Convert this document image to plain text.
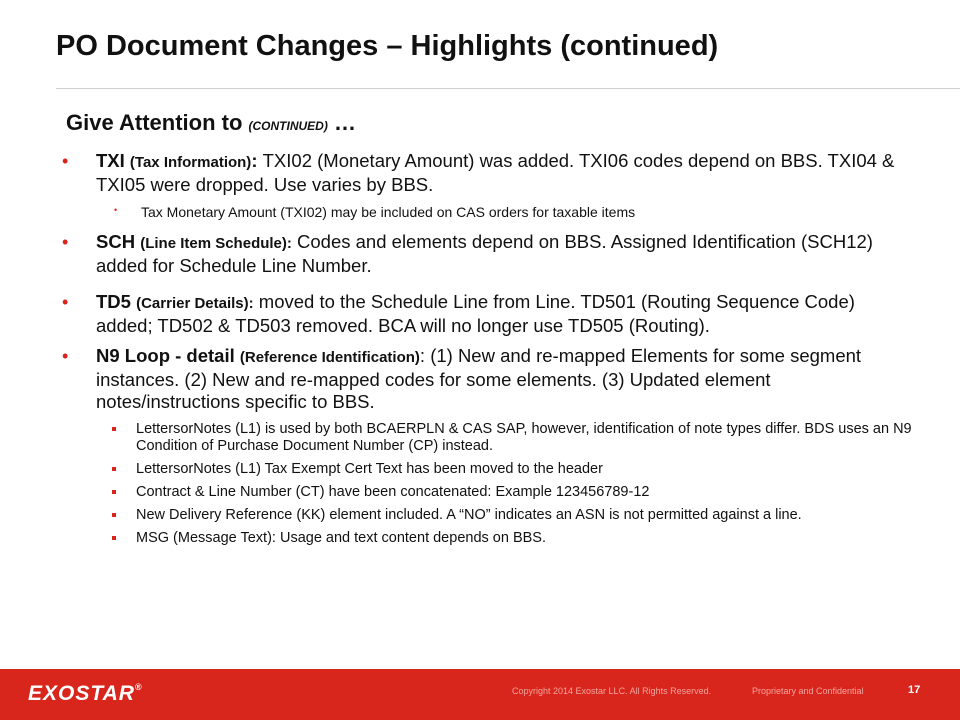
PO Document Changes – Highlights (continued)
Give Attention to (CONTINUED) …
• TXI (Tax Information): TXI02 (Monetary Amount) was added. TXI06 codes depend on BBS. TXI04 & TXI05 were dropped. Use varies by BBS.
• Tax Monetary Amount (TXI02) may be included on CAS orders for taxable items
• SCH (Line Item Schedule): Codes and elements depend on BBS. Assigned Identification (SCH12) added for Schedule Line Number.
• TD5 (Carrier Details): moved to the Schedule Line from Line. TD501 (Routing Sequence Code) added; TD502 & TD503 removed. BCA will no longer use TD505 (Routing).
• N9 Loop - detail (Reference Identification): (1) New and re-mapped Elements for some segment instances. (2) New and re-mapped codes for some elements. (3) Updated element notes/instructions specific to BBS.
LettersorNotes (L1) is used by both BCAERPLN & CAS SAP, however, identification of note types differ. BDS uses an N9 Condition of Purchase Document Number (CP) instead.
LettersorNotes (L1) Tax Exempt Cert Text has been moved to the header
Contract & Line Number (CT) have been concatenated: Example 123456789-12
New Delivery Reference (KK) element included. A “NO” indicates an ASN is not permitted against a line.
MSG (Message Text): Usage and text content depends on BBS.
EXOSTAR®	Copyright 2014 Exostar LLC. All Rights Reserved.	Proprietary and Confidential	17
